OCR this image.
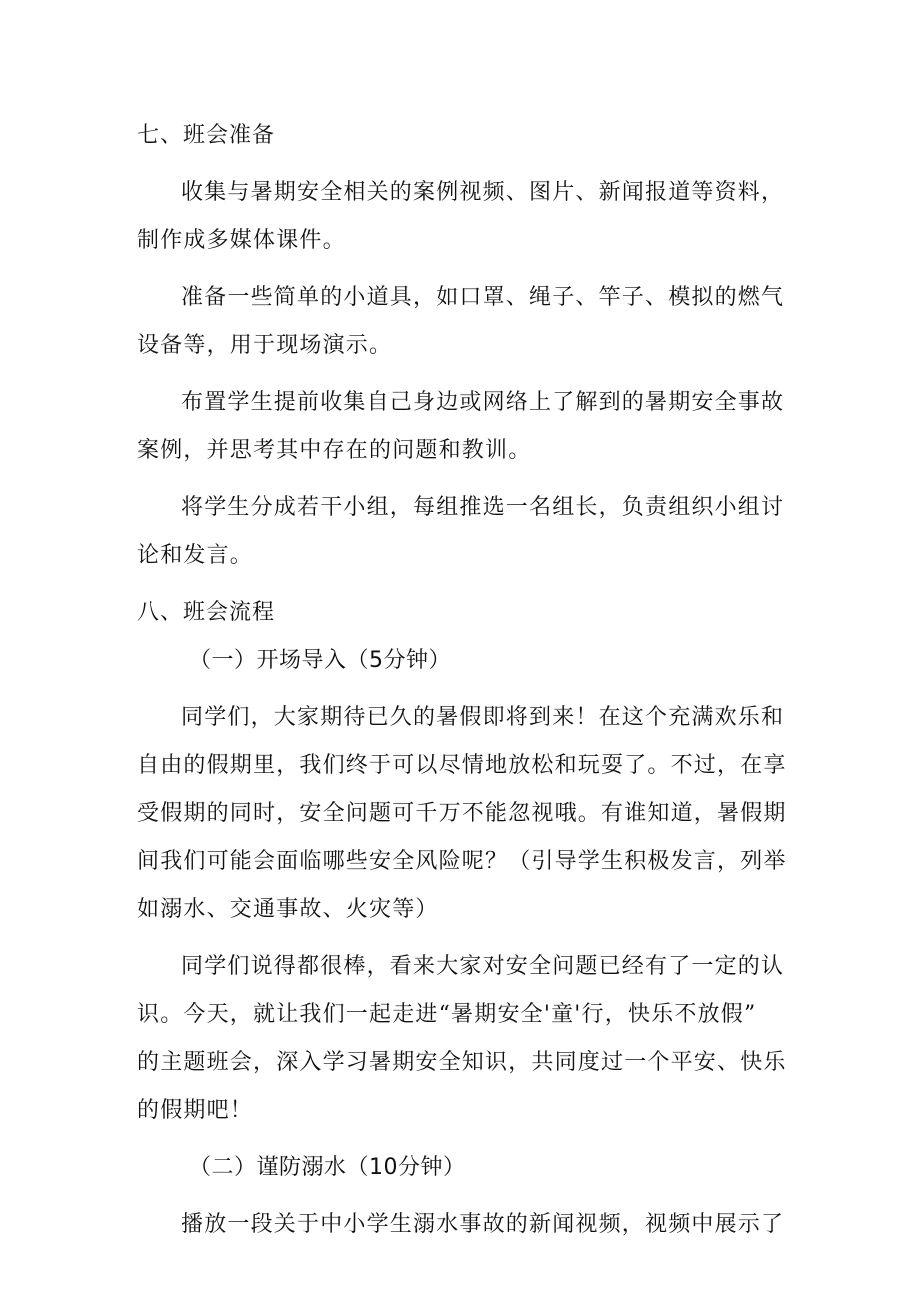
七、班会准备
收集与暑期安全相关的案例视频、图片、新闻报道等资料，
制作成多媒体课件。
准备一些简单的小道具，如口罩、绳子、竿子、模拟的燃气
设备等，用于现场演示。
布置学生提前收集自己身边或网络上了解到的暑期安全事故
案例，并思考其中存在的问题和教训。
将学生分成若干小组，每组推选一名组长，负责组织小组讨
论和发言。
八、班会流程
（一）开场导入（5分钟）
同学们，大家期待已久的暑假即将到来！在这个充满欢乐和
自由的假期里，我们终于可以尽情地放松和玩耍了。不过，在享
受假期的同时，安全问题可千万不能忽视哦。有谁知道，暑假期
间我们可能会面临哪些安全风险呢？（引导学生积极发言，列举
如溺水、交通事故、火灾等）
同学们说得都很棒，看来大家对安全问题已经有了一定的认
识。今天，就让我们一起走进“暑期安全'童'行，快乐不放假”
的主题班会，深入学习暑期安全知识，共同度过一个平安、快乐
的假期吧！
（二）谨防溺水（10分钟）
播放一段关于中小学生溺水事故的新闻视频，视频中展示了
